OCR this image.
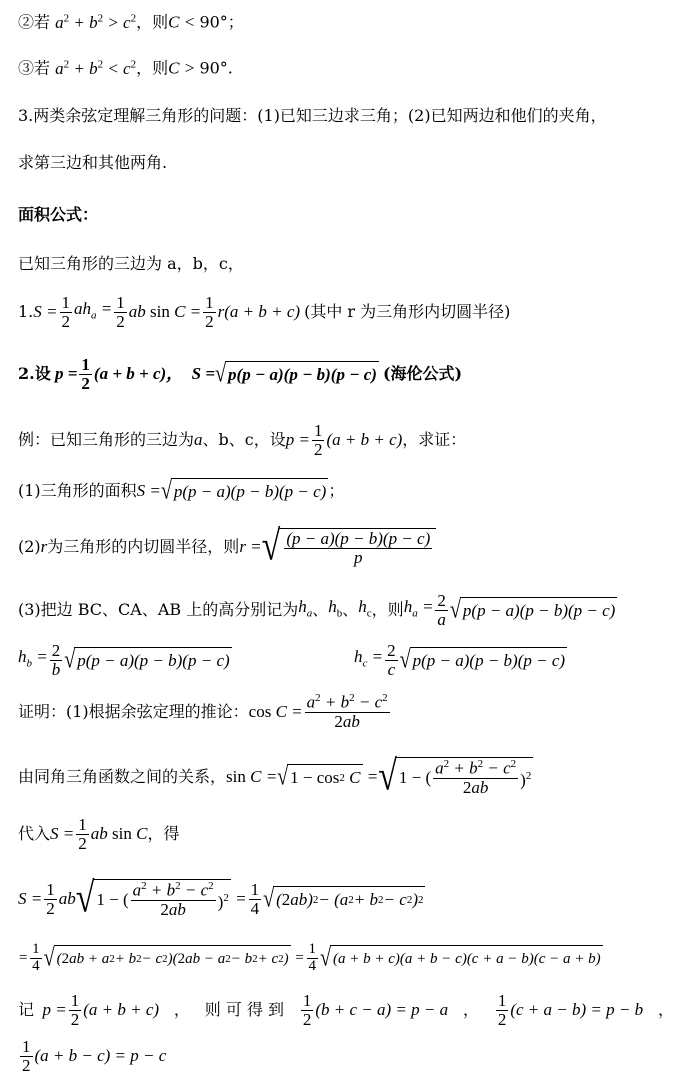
②若 $a^2 + b^2 > c^2$，则C < 90°；
③若 $a^2 + b^2 < c^2$，则C > 90°.
3.两类余弦定理解三角形的问题：(1)已知三边求三角；(2)已知两边和他们的夹角，
求第三边和其他两角.
面积公式：
已知三角形的三边为 a，b，c，
1. $S = \frac{1}{2} ah_a = \frac{1}{2}$ ab $\sin C = \frac{1}{2} r(a + b + c)$ (其中 r 为三角形内切圆半径)
2.设 $p = \frac{1}{2} (a + b + c)$，  S = √ p(p − a)(p − b)(p − c) (海伦公式)
例：已知三角形的三边为 a 、b、c，设 $p = \frac{1}{2} (a + b + c)$ ，求证：
(1)三角形的面积 S = √ p(p − a)(p − b)(p − c) ；
(2) r 为三角形的内切圆半径，则 r = √ $\frac{(p - a)(p - b)(p - c)}{p}$
(3)把边 BC、CA、AB 上的高分别记为 $h_a$ 、 $h_b$ 、 $h_c$ ，则 $h_a = \frac{2}{a}$ √ p(p − a)(p − b)(p − c)
$h_b = \frac{2}{b}$ √ p(p − a)(p − b)(p − c)	$h_c = \frac{2}{c}$ √ p(p − a)(p − b)(p − c)
证明：(1)根据余弦定理的推论： $\cos C = \frac{a^2 + b^2 - c^2}{2ab}$
由同角三角函数之间的关系， sin C = √ 1 − cos 2 C = √ 1 − ( $\frac{a^2 + b^2 - c^2}{2ab} )^2$
代入 $S = \frac{1}{2}$ ab sin C ，得
$S = \frac{1}{2}$ ab √ 1 − ( $\frac{a^2 + b^2 - c^2}{2ab} )^2 = \frac{1}{4}$ √ ( 2 ab) 2 − (a 2 + b 2 − c 2 ) 2
= $\frac{1}{4}$ √ ( 2 ab + a 2 + b 2 − c 2 )( 2 ab − a 2 − b 2 + c 2 ) = $\frac{1}{4}$ √ (a + b + c)(a + b − c)(c + a − b)(c − a + b)
记 $p = \frac{1}{2} (a + b + c)$ ， 则 可 得 到 $\frac{1}{2} (b + c - a) = p - a$ ， $\frac{1}{2} (c + a - b) = p - b$ ，
$\frac{1}{2} (a + b - c) = p - c$
